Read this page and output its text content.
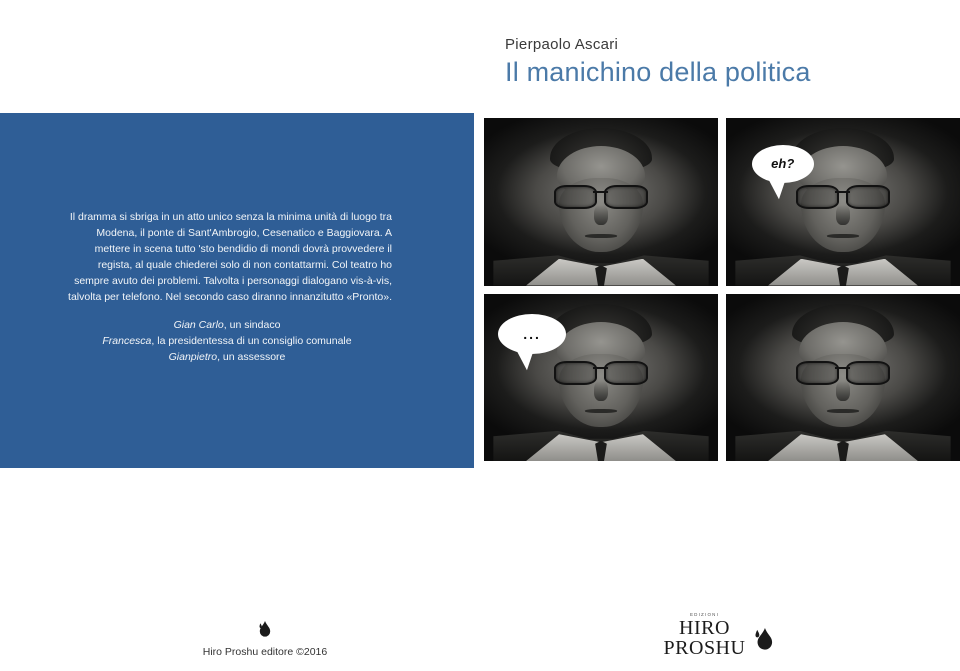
Pierpaolo Ascari
Il manichino della politica
Il dramma si sbriga in un atto unico senza la minima unità di luogo tra Modena, il ponte di Sant'Ambrogio, Cesenatico e Baggiovara. A mettere in scena tutto 'sto bendidio di mondi dovrà provvedere il regista, al quale chiederei solo di non contattarmi. Col teatro ho sempre avuto dei problemi. Talvolta i personaggi dialogano vis-à-vis, talvolta per telefono. Nel secondo caso diranno innanzitutto «Pronto».
Gian Carlo, un sindaco
Francesca, la presidentessa di un consiglio comunale
Gianpietro, un assessore
eh?
...
Hiro Proshu editore ©2016
EDIZIONI
HIRO
PROSHU
